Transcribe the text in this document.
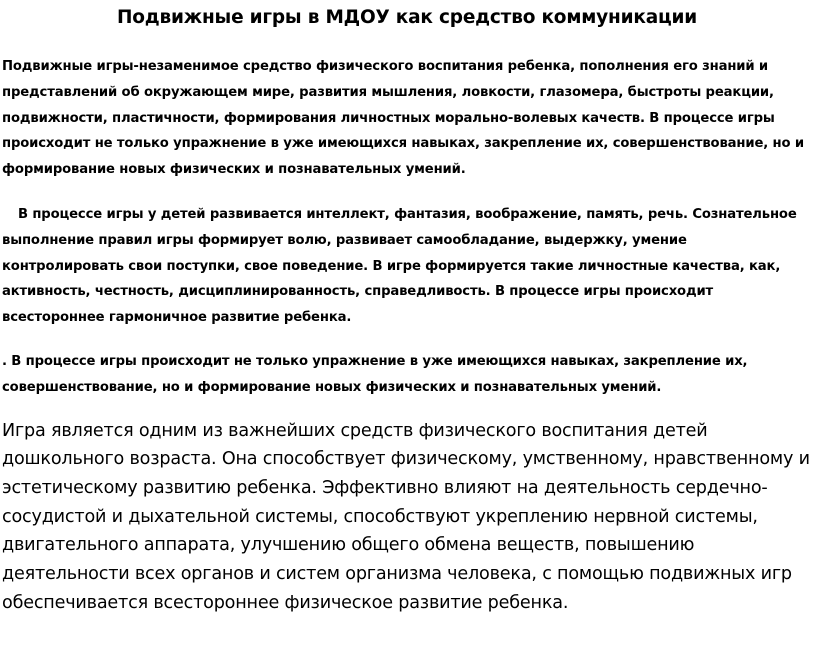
Подвижные игры в МДОУ как средство коммуникации

Подвижные игры-незаменимое средство физического воспитания ребенка, пополнения его знаний и представлений об окружающем мире, развития мышления, ловкости, глазомера, быстроты реакции, подвижности, пластичности, формирования личностных морально-волевых качеств. В процессе игры происходит не только упражнение в уже имеющихся навыках, закрепление их, совершенствование, но и формирование новых физических и познавательных умений.

В процессе игры у детей развивается интеллект, фантазия, воображение, память, речь. Сознательное выполнение правил игры формирует волю, развивает самообладание, выдержку, умение контролировать свои поступки, свое поведение. В игре формируется такие личностные качества, как, активность, честность, дисциплинированность, справедливость. В процессе игры происходит всестороннее гармоничное развитие ребенка.

. В процессе игры происходит не только упражнение в уже имеющихся навыках, закрепление их, совершенствование, но и формирование новых физических и познавательных умений.

Игра является одним из важнейших средств физического воспитания детей дошкольного возраста. Она способствует физическому, умственному, нравственному и эстетическому развитию ребенка. Эффективно влияют на деятельность сердечно-сосудистой и дыхательной системы, способствуют укреплению нервной системы, двигательного аппарата, улучшению общего обмена веществ, повышению деятельности всех органов и систем организма человека, с помощью подвижных игр обеспечивается всестороннее физическое развитие ребенка.
